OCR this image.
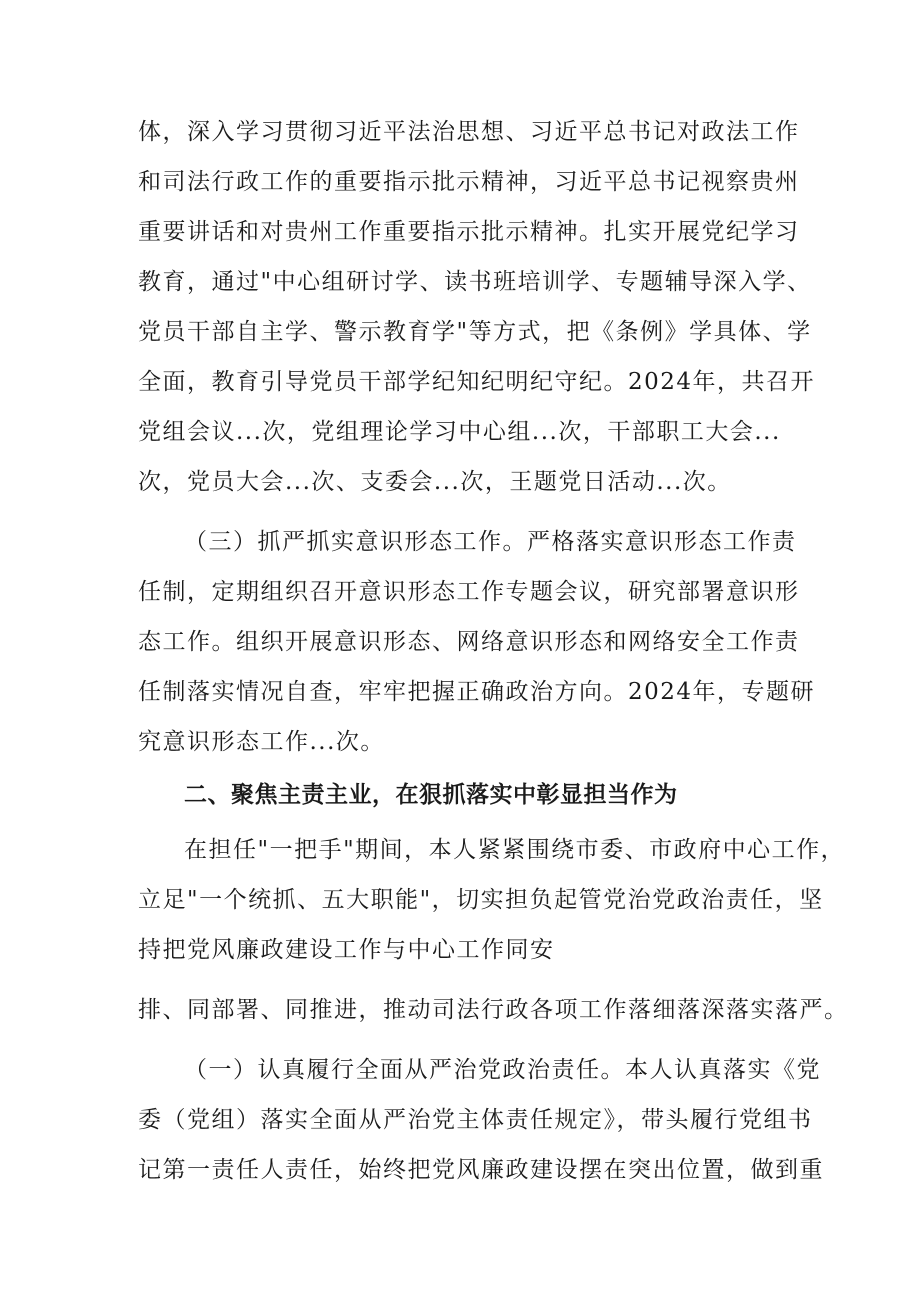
体，深入学习贯彻习近平法治思想、习近平总书记对政法工作
和司法行政工作的重要指示批示精神，习近平总书记视察贵州
重要讲话和对贵州工作重要指示批示精神。扎实开展党纪学习
教育，通过"中心组研讨学、读书班培训学、专题辅导深入学、
党员干部自主学、警示教育学"等方式，把《条例》学具体、学
全面，教育引导党员干部学纪知纪明纪守纪。2024年，共召开
党组会议...次，党组理论学习中心组...次，干部职工大会...
次，党员大会...次、支委会...次，王题党日活动...次。
（三）抓严抓实意识形态工作。严格落实意识形态工作责
任制，定期组织召开意识形态工作专题会议，研究部署意识形
态工作。组织开展意识形态、网络意识形态和网络安全工作责
任制落实情况自查，牢牢把握正确政治方向。2024年，专题研
究意识形态工作...次。
二、聚焦主责主业，在狠抓落实中彰显担当作为
在担任"一把手"期间，本人紧紧围绕市委、市政府中心工作，
立足"一个统抓、五大职能"，切实担负起管党治党政治责任，坚
持把党风廉政建设工作与中心工作同安
排、同部署、同推进，推动司法行政各项工作落细落深落实落严。
（一）认真履行全面从严治党政治责任。本人认真落实《党
委（党组）落实全面从严治党主体责任规定》，带头履行党组书
记第一责任人责任，始终把党风廉政建设摆在突出位置，做到重
